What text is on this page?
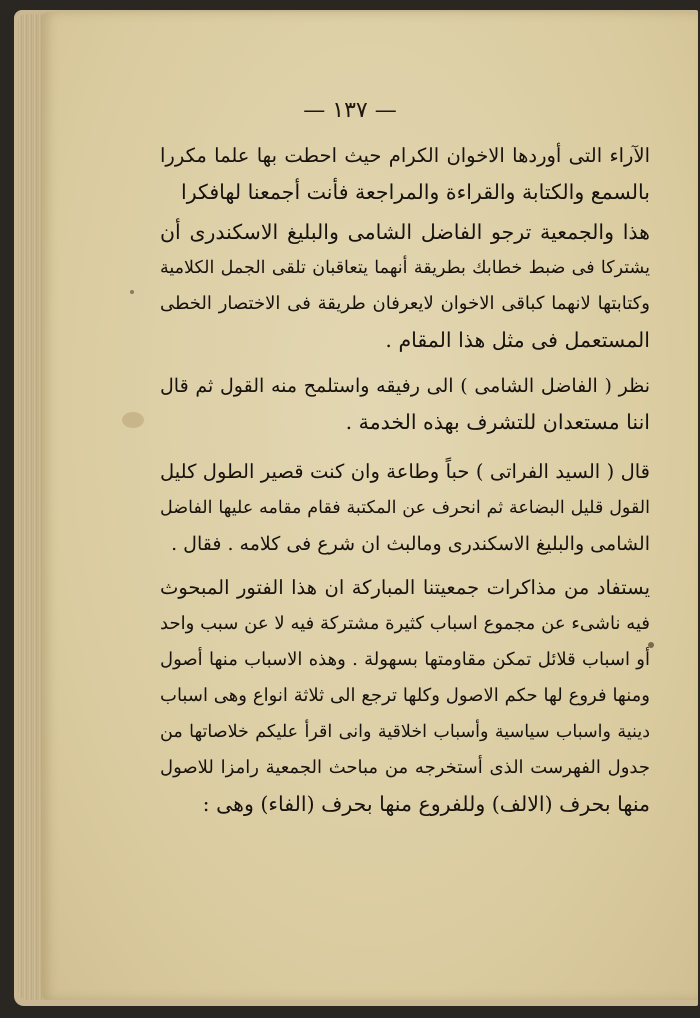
— ١٣٧ —
الآراء التى أوردها الاخوان الكرام حيث احطت بها علما مكررا
بالسمع والكتابة والقراءة والمراجعة فأنت أجمعنا لهافكرا
هذا والجمعية ترجو الفاضل الشامى والبليغ الاسكندرى أن
يشتركا فى ضبط خطابك بطريقة أنهما يتعاقبان تلقى الجمل الكلامية
وكتابتها لانهما كباقى الاخوان لايعرفان طريقة فى الاختصار الخطى
المستعمل فى مثل هذا المقام .
نظر ( الفاضل الشامى ) الى رفيقه واستلمح منه القول ثم قال
اننا مستعدان للتشرف بهذه الخدمة .
قال ( السيد الفراتى ) حباً وطاعة وان كنت قصير الطول كليل
القول قليل البضاعة ثم انحرف عن المكتبة فقام مقامه عليها الفاضل
الشامى والبليغ الاسكندرى ومالبث ان شرع فى كلامه . فقال .
يستفاد من مذاكرات جمعيتنا المباركة ان هذا الفتور المبحوث
فيه ناشىء عن مجموع اسباب كثيرة مشتركة فيه لا عن سبب واحد
أو اسباب قلائل تمكن مقاومتها بسهولة . وهذه الاسباب منها أصول
ومنها فروع لها حكم الاصول وكلها ترجع الى ثلاثة انواع وهى اسباب
دينية واسباب سياسية وأسباب اخلاقية وانى اقرأ عليكم خلاصاتها من
جدول الفهرست الذى أستخرجه من مباحث الجمعية رامزا للاصول
منها بحرف (الالف) وللفروع منها بحرف (الفاء) وهى :
